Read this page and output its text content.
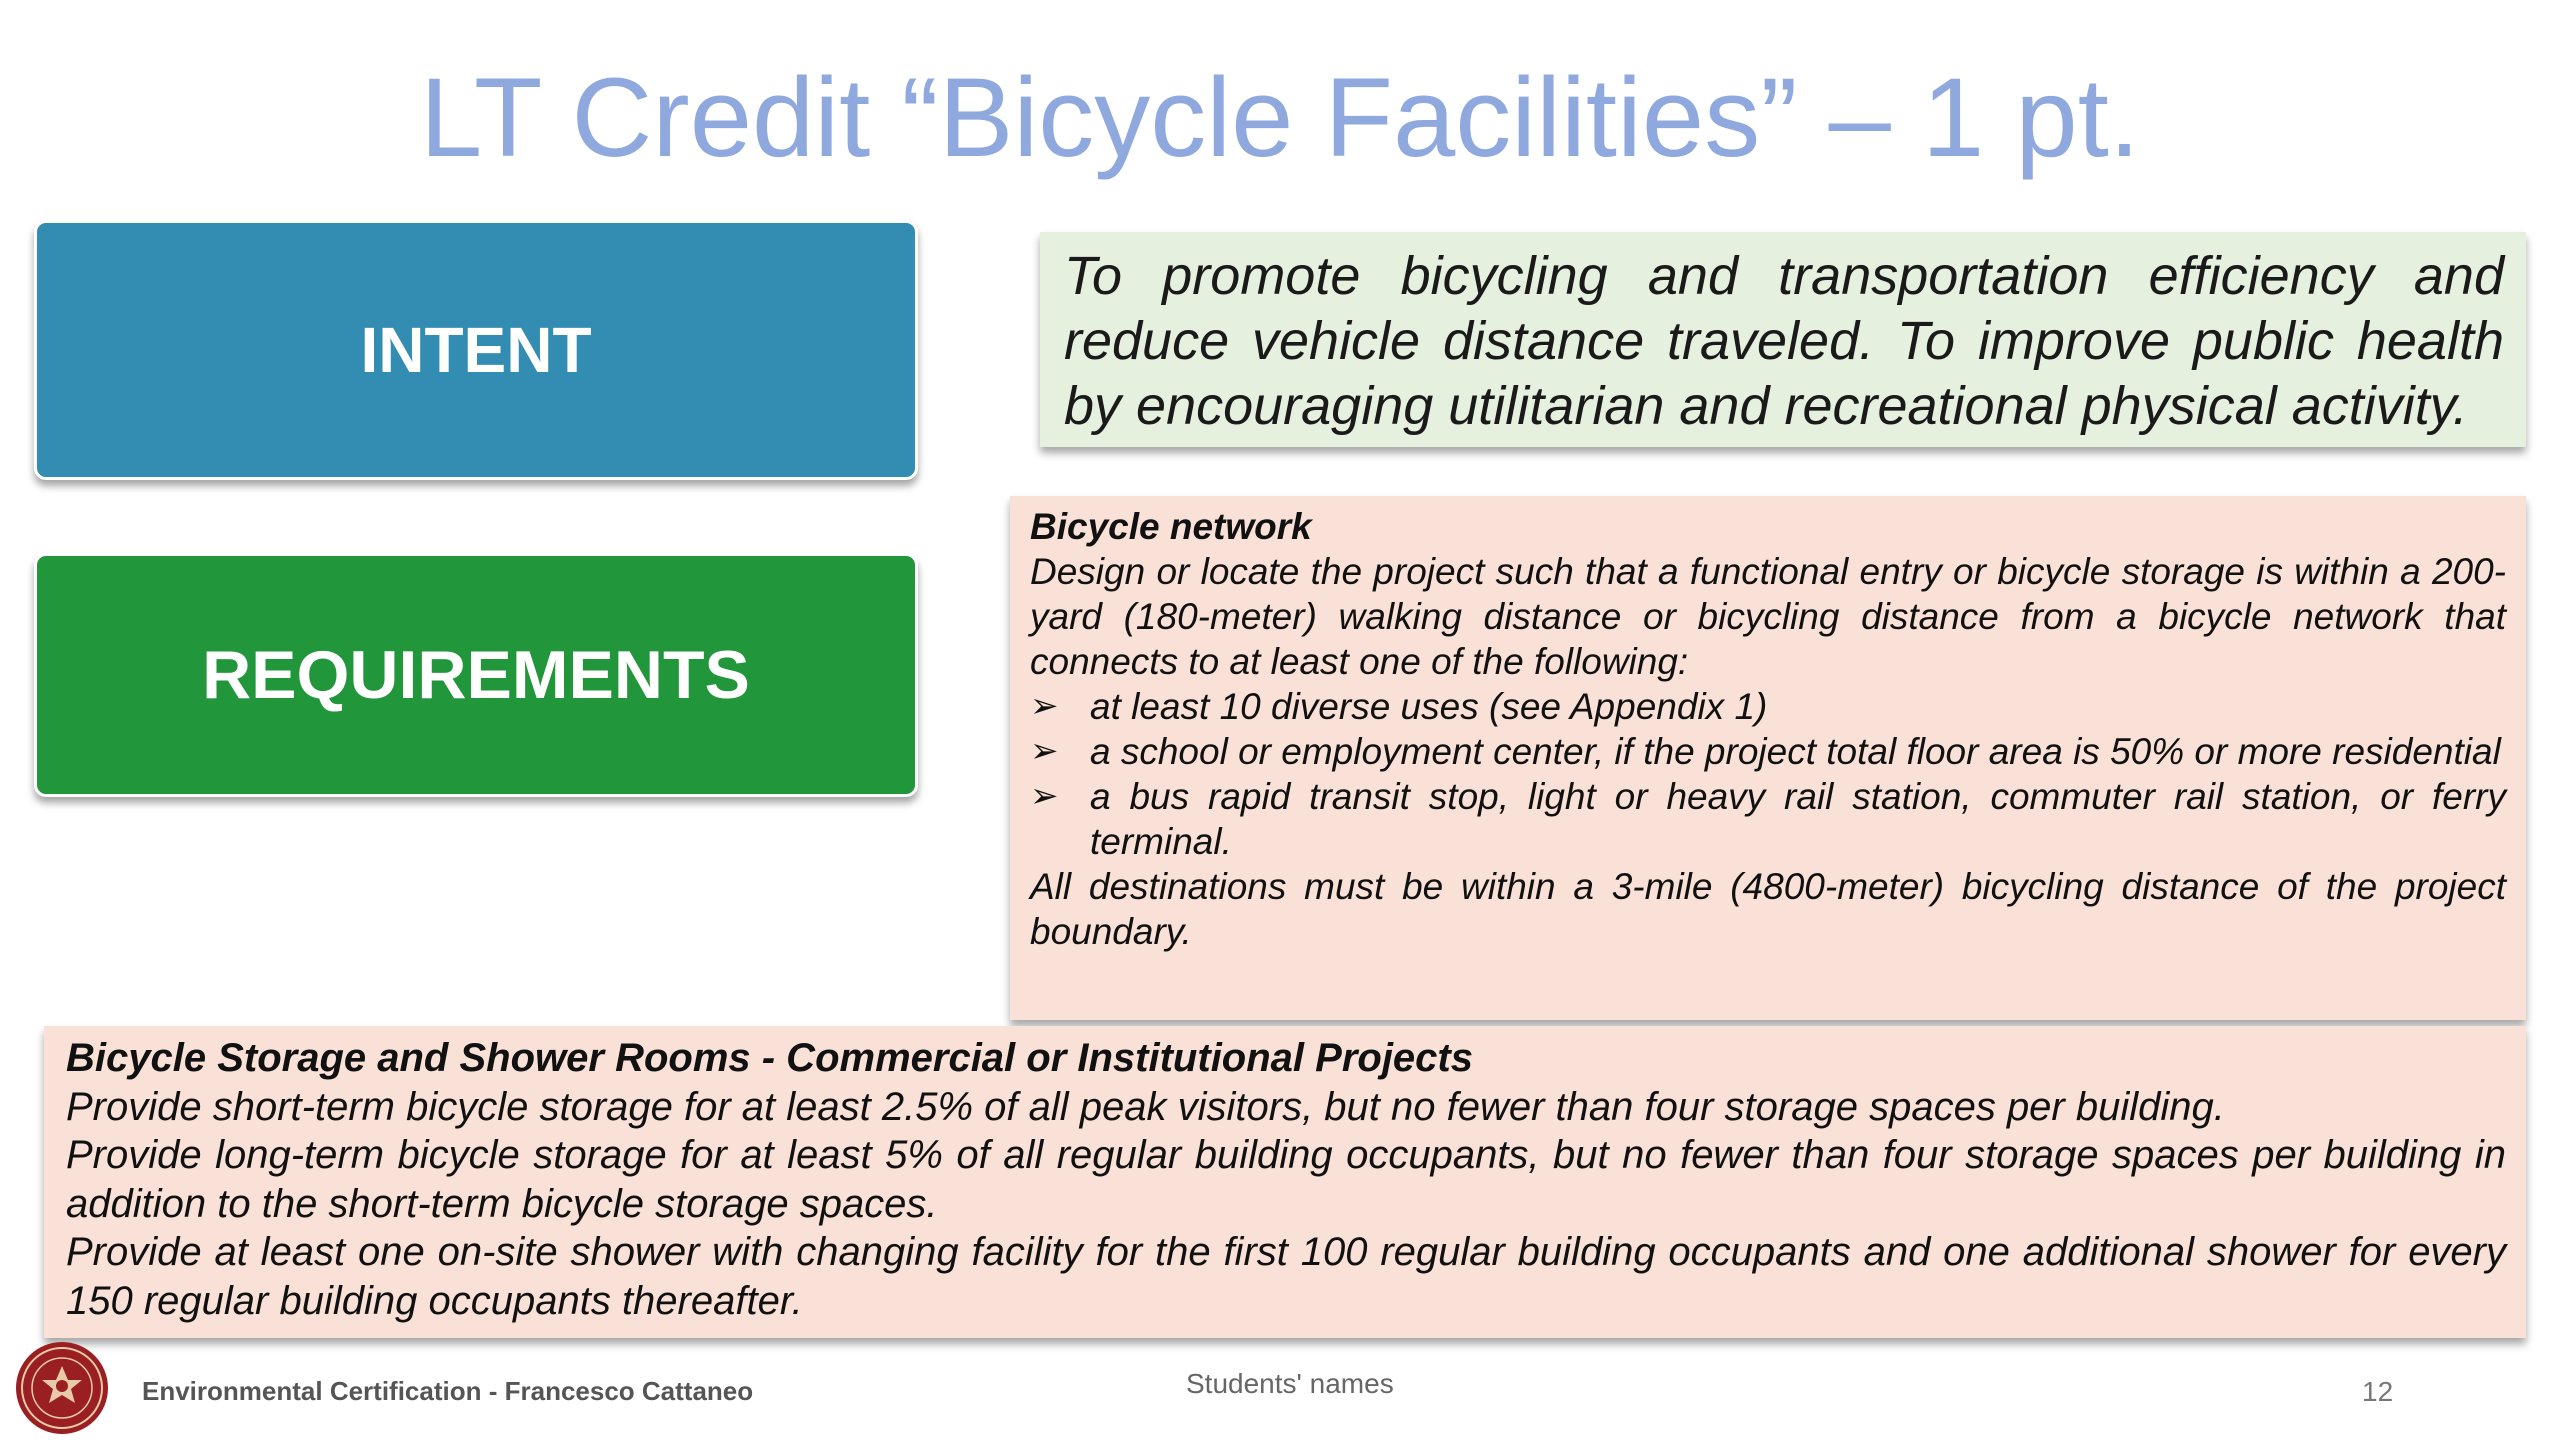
LT Credit “Bicycle Facilities” – 1 pt.
INTENT
To promote bicycling and transportation efficiency and reduce vehicle distance traveled. To improve public health by encouraging utilitarian and recreational physical activity.
REQUIREMENTS
Bicycle network
Design or locate the project such that a functional entry or bicycle storage is within a 200-yard (180-meter) walking distance or bicycling distance from a bicycle network that connects to at least one of the following:
➢ at least 10 diverse uses (see Appendix 1)
➢ a school or employment center, if the project total floor area is 50% or more residential
➢ a bus rapid transit stop, light or heavy rail station, commuter rail station, or ferry terminal.
All destinations must be within a 3-mile (4800-meter) bicycling distance of the project boundary.
Bicycle Storage and Shower Rooms - Commercial or Institutional Projects
Provide short-term bicycle storage for at least 2.5% of all peak visitors, but no fewer than four storage spaces per building.
Provide long-term bicycle storage for at least 5% of all regular building occupants, but no fewer than four storage spaces per building in addition to the short-term bicycle storage spaces.
Provide at least one on-site shower with changing facility for the first 100 regular building occupants and one additional shower for every 150 regular building occupants thereafter.
Environmental Certification - Francesco Cattaneo	Students' names	12
